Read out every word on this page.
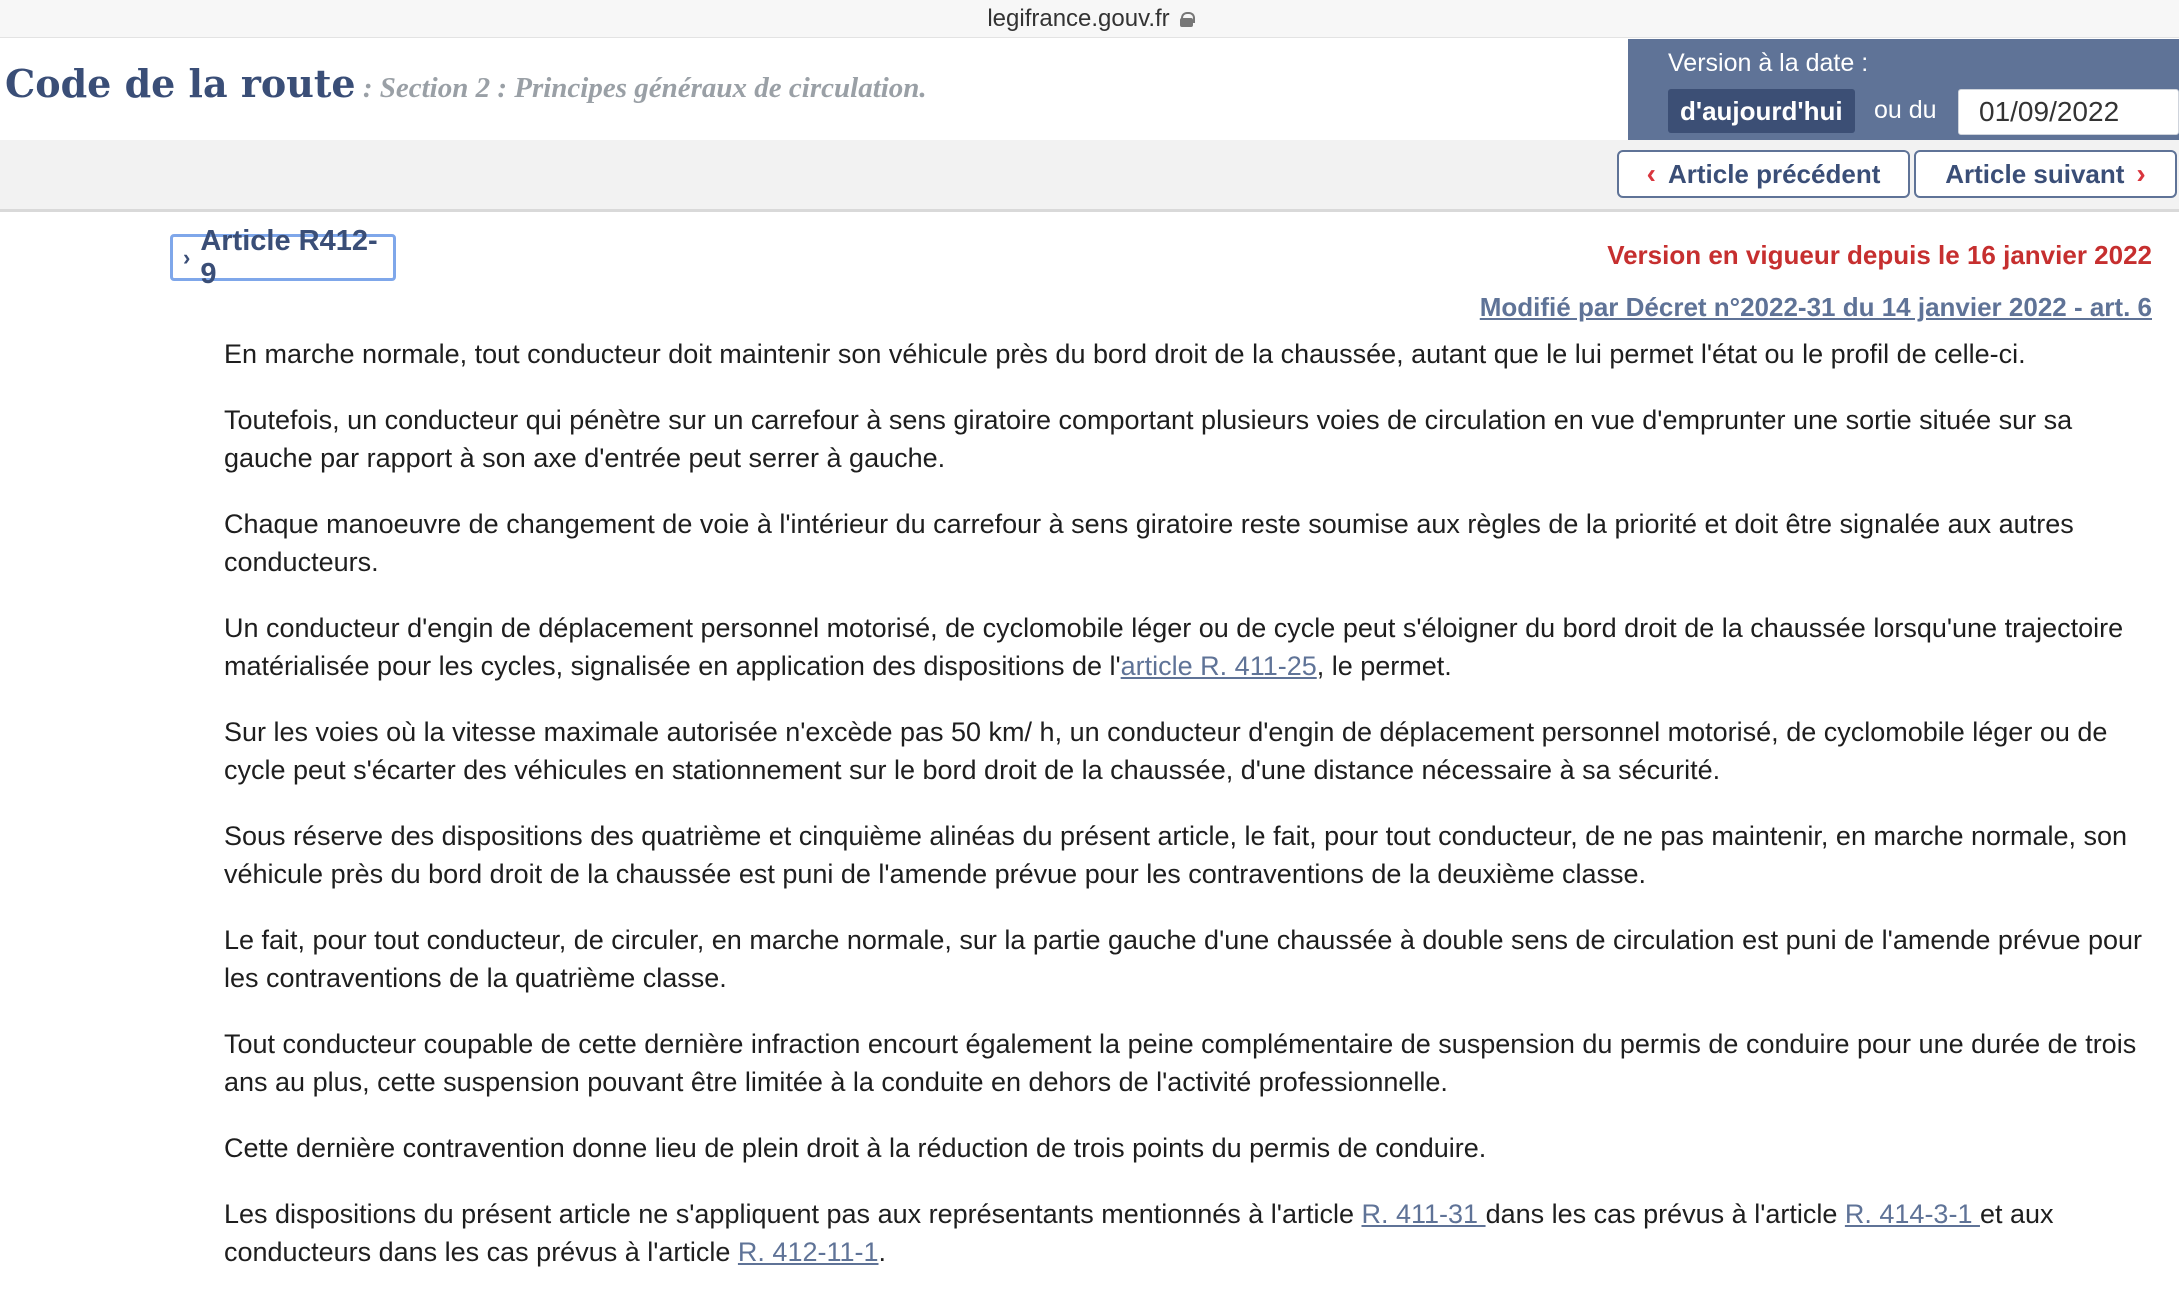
legifrance.gouv.fr
Code de la route : Section 2 : Principes généraux de circulation.
Version à la date :
d'aujourd'hui	ou du	01/09/2022
‹ Article précédent Article suivant ›
›
Article R412-9
Version en vigueur depuis le 16 janvier 2022
Modifié par Décret n°2022-31 du 14 janvier 2022 - art. 6

En marche normale, tout conducteur doit maintenir son véhicule près du bord droit de la chaussée, autant que le lui permet l'état ou le profil de celle-ci.

Toutefois, un conducteur qui pénètre sur un carrefour à sens giratoire comportant plusieurs voies de circulation en vue d'emprunter une sortie située sur sa gauche par rapport à son axe d'entrée peut serrer à gauche.

Chaque manoeuvre de changement de voie à l'intérieur du carrefour à sens giratoire reste soumise aux règles de la priorité et doit être signalée aux autres conducteurs.

Un conducteur d'engin de déplacement personnel motorisé, de cyclomobile léger ou de cycle peut s'éloigner du bord droit de la chaussée lorsqu'une trajectoire matérialisée pour les cycles, signalisée en application des dispositions de l'article R. 411-25, le permet.

Sur les voies où la vitesse maximale autorisée n'excède pas 50 km/ h, un conducteur d'engin de déplacement personnel motorisé, de cyclomobile léger ou de cycle peut s'écarter des véhicules en stationnement sur le bord droit de la chaussée, d'une distance nécessaire à sa sécurité.

Sous réserve des dispositions des quatrième et cinquième alinéas du présent article, le fait, pour tout conducteur, de ne pas maintenir, en marche normale, son véhicule près du bord droit de la chaussée est puni de l'amende prévue pour les contraventions de la deuxième classe.

Le fait, pour tout conducteur, de circuler, en marche normale, sur la partie gauche d'une chaussée à double sens de circulation est puni de l'amende prévue pour les contraventions de la quatrième classe.

Tout conducteur coupable de cette dernière infraction encourt également la peine complémentaire de suspension du permis de conduire pour une durée de trois ans au plus, cette suspension pouvant être limitée à la conduite en dehors de l'activité professionnelle.

Cette dernière contravention donne lieu de plein droit à la réduction de trois points du permis de conduire.

Les dispositions du présent article ne s'appliquent pas aux représentants mentionnés à l'article R. 411-31 dans les cas prévus à l'article R. 414-3-1 et aux conducteurs dans les cas prévus à l'article R. 412-11-1.
